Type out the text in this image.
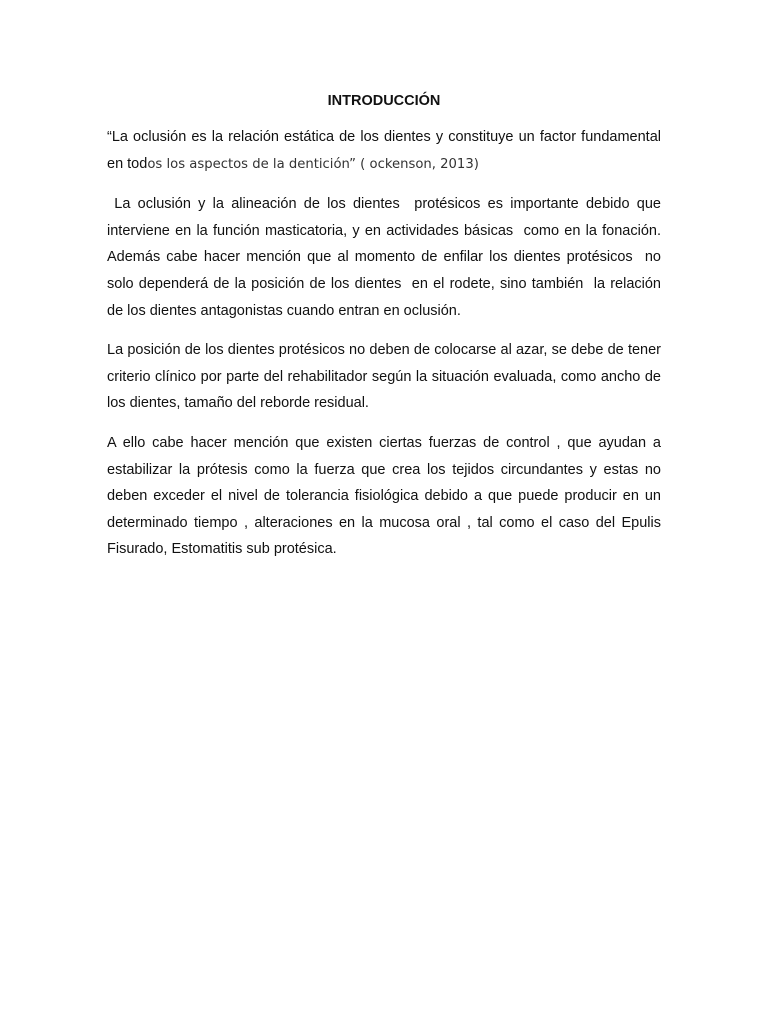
INTRODUCCIÓN

“La oclusión es la relación estática de los dientes y constituye un factor fundamental en todos los aspectos de la dentición” ( ockenson, 2013)

La oclusión y la alineación de los dientes  protésicos es importante debido que interviene en la función masticatoria, y en actividades básicas  como en la fonación. Además cabe hacer mención que al momento de enfilar los dientes protésicos  no solo dependerá de la posición de los dientes  en el rodete, sino también  la relación  de los dientes antagonistas cuando entran en oclusión.

La posición de los dientes protésicos no deben de colocarse al azar, se debe de tener criterio clínico por parte del rehabilitador según la situación evaluada, como ancho de los dientes, tamaño del reborde residual.

A ello cabe hacer mención que existen ciertas fuerzas de control , que ayudan a estabilizar la prótesis como la fuerza que crea los tejidos circundantes y estas no deben exceder el nivel de tolerancia fisiológica debido a que puede producir en un determinado tiempo , alteraciones en la mucosa oral , tal como el caso del Epulis Fisurado, Estomatitis sub protésica.
